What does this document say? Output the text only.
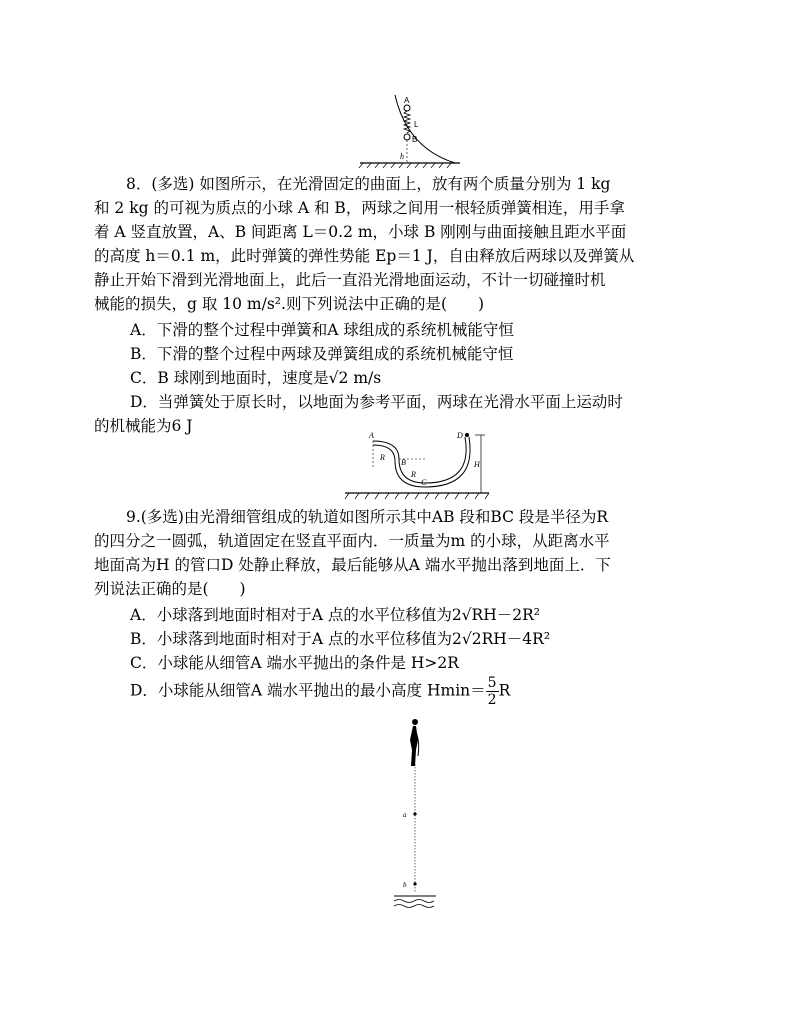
A
L
B
h

8．(多选) 如图所示，在光滑固定的曲面上，放有两个质量分别为 1 kg

和 2 kg 的可视为质点的小球 A 和 B，两球之间用一根轻质弹簧相连，用手拿

着 A 竖直放置，A、B 间距离 L＝0.2 m，小球 B 刚刚与曲面接触且距水平面

的高度 h＝0.1 m，此时弹簧的弹性势能 Ep＝1 J，自由释放后两球以及弹簧从

静止开始下滑到光滑地面上，此后一直沿光滑地面运动，不计一切碰撞时机

械能的损失，g 取 10 m/s².则下列说法中正确的是(　　)

A．下滑的整个过程中弹簧和A 球组成的系统机械能守恒
B．下滑的整个过程中两球及弹簧组成的系统机械能守恒
C．B 球刚到地面时，速度是√2 m/s
D．当弹簧处于原长时，以地面为参考平面，两球在光滑水平面上运动时
的机械能为6 J
A
R
B
R
C
D
H

9.(多选)由光滑细管组成的轨道如图所示其中AB 段和BC 段是半径为R

的四分之一圆弧，轨道固定在竖直平面内．一质量为m 的小球，从距离水平

地面高为H 的管口D 处静止释放，最后能够从A 端水平抛出落到地面上．下

列说法正确的是(　　)

A．小球落到地面时相对于A 点的水平位移值为2√RH－2R²
B．小球落到地面时相对于A 点的水平位移值为2√2RH－4R²
C．小球能从细管A 端水平抛出的条件是 H>2R
D．小球能从细管A 端水平抛出的最小高度 $Hmin= \frac{5}{2}$ R
a
b
